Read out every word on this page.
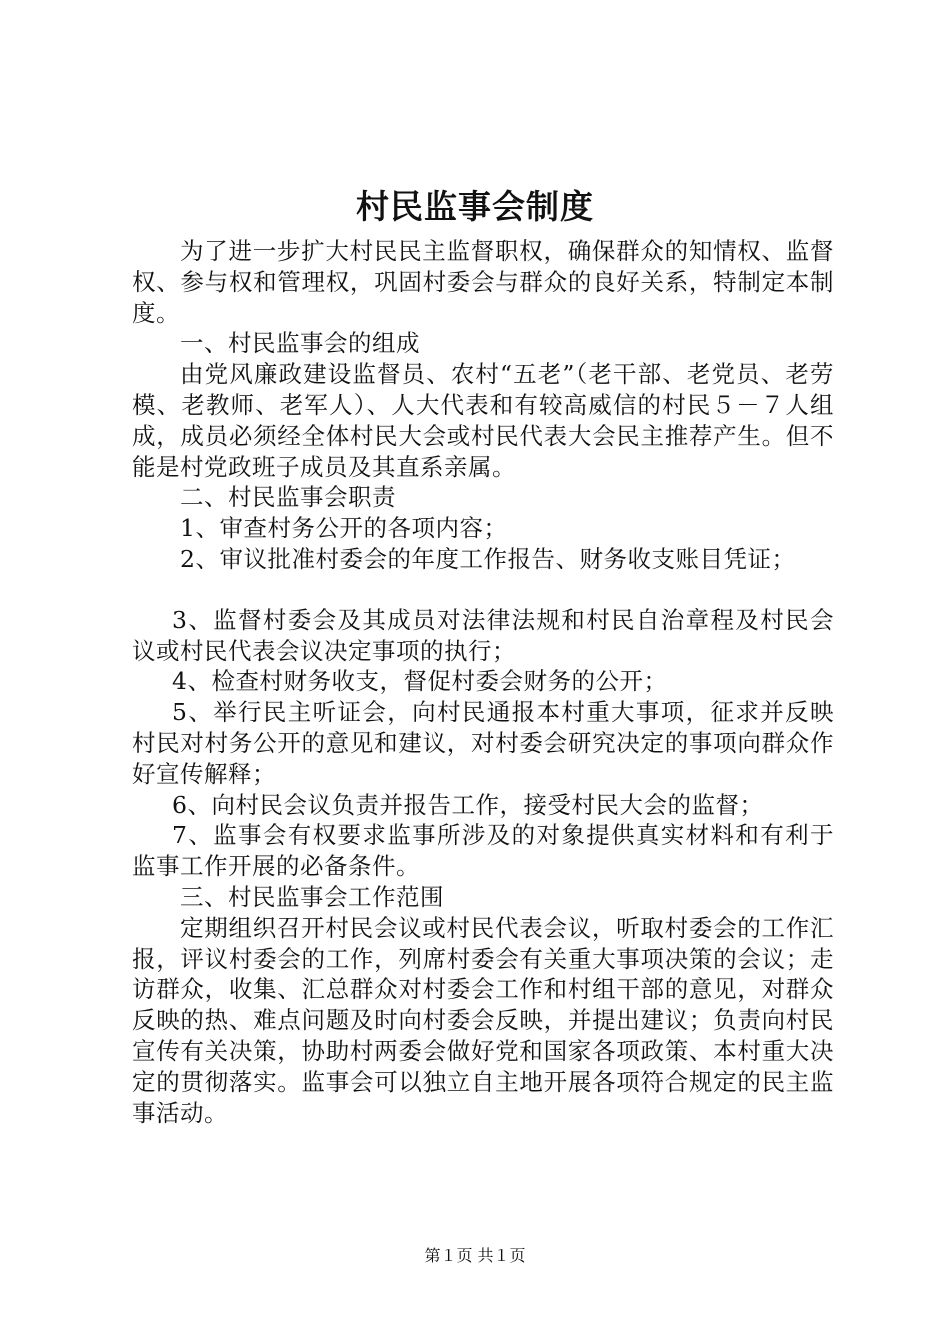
村民监事会制度

为了进一步扩大村民民主监督职权，确保群众的知情权、监督权、参与权和管理权，巩固村委会与群众的良好关系，特制定本制度。

一、村民监事会的组成

由党风廉政建设监督员、农村“五老”（老干部、老党员、老劳模、老教师、老军人）、人大代表和有较高威信的村民５－７人组成，成员必须经全体村民大会或村民代表大会民主推荐产生。但不能是村党政班子成员及其直系亲属。

二、村民监事会职责

1、审查村务公开的各项内容；

2、审议批准村委会的年度工作报告、财务收支账目凭证；

3、监督村委会及其成员对法律法规和村民自治章程及村民会议或村民代表会议决定事项的执行；

4、检查村财务收支，督促村委会财务的公开；

5、举行民主听证会，向村民通报本村重大事项，征求并反映村民对村务公开的意见和建议，对村委会研究决定的事项向群众作好宣传解释；

6、向村民会议负责并报告工作，接受村民大会的监督；

7、监事会有权要求监事所涉及的对象提供真实材料和有利于监事工作开展的必备条件。

三、村民监事会工作范围

定期组织召开村民会议或村民代表会议，听取村委会的工作汇报，评议村委会的工作，列席村委会有关重大事项决策的会议；走访群众，收集、汇总群众对村委会工作和村组干部的意见，对群众反映的热、难点问题及时向村委会反映，并提出建议；负责向村民宣传有关决策，协助村两委会做好党和国家各项政策、本村重大决定的贯彻落实。监事会可以独立自主地开展各项符合规定的民主监事活动。

第１页 共１页
